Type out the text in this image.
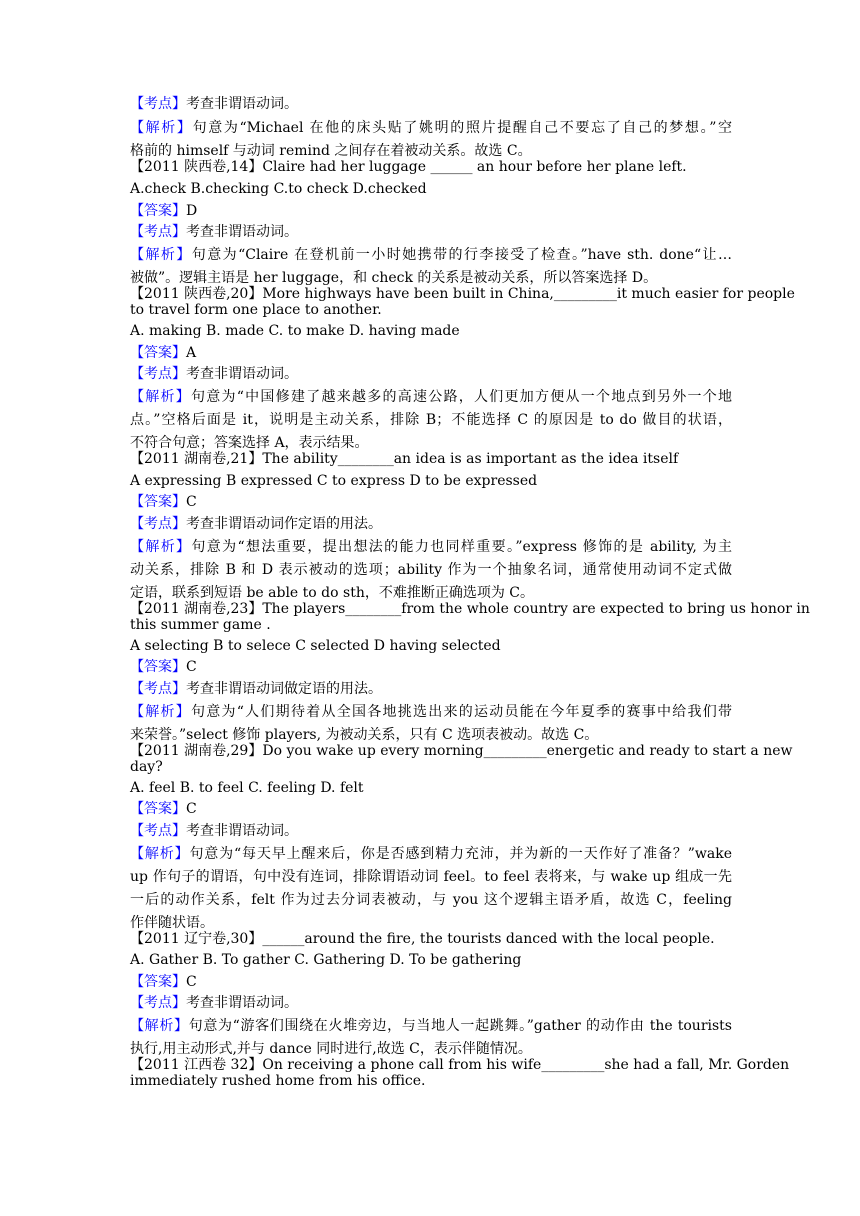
【考点】考查非谓语动词。
【解析】句意为“Michael 在他的床头贴了姚明的照片提醒自己不要忘了自己的梦想。”空
格前的 himself 与动词 remind 之间存在着被动关系。故选 C。
【2011 陕西卷,14】Claire had her luggage ______ an hour before her plane left.
A.check B.checking C.to check D.checked
【答案】D
【考点】考查非谓语动词。
【解析】句意为“Claire 在登机前一小时她携带的行李接受了检查。”have sth. done“让…
被做”。逻辑主语是 her luggage，和 check 的关系是被动关系，所以答案选择 D。
【2011 陕西卷,20】More highways have been built in China,_________it much easier for people
to travel form one place to another.
A. making B. made C. to make D. having made
【答案】A
【考点】考查非谓语动词。
【解析】句意为“中国修建了越来越多的高速公路，人们更加方便从一个地点到另外一个地
点。”空格后面是 it，说明是主动关系，排除 B；不能选择 C 的原因是 to do 做目的状语，
不符合句意；答案选择 A，表示结果。
【2011 湖南卷,21】The ability________an idea is as important as the idea itself
A expressing B expressed C to express D to be expressed
【答案】C
【考点】考查非谓语动词作定语的用法。
【解析】句意为“想法重要，提出想法的能力也同样重要。”express 修饰的是 ability, 为主
动关系，排除 B 和 D 表示被动的选项；ability 作为一个抽象名词，通常使用动词不定式做
定语，联系到短语 be able to do sth，不难推断正确选项为 C。
【2011 湖南卷,23】The players________from the whole country are expected to bring us honor in
this summer game .
A selecting B to selece C selected D having selected
【答案】C
【考点】考查非谓语动词做定语的用法。
【解析】句意为“人们期待着从全国各地挑选出来的运动员能在今年夏季的赛事中给我们带
来荣誉。”select 修饰 players, 为被动关系，只有 C 选项表被动。故选 C。
【2011 湖南卷,29】Do you wake up every morning_________energetic and ready to start a new
day?
A. feel B. to feel C. feeling D. felt
【答案】C
【考点】考查非谓语动词。
【解析】句意为“每天早上醒来后，你是否感到精力充沛，并为新的一天作好了准备？”wake
up 作句子的谓语，句中没有连词，排除谓语动词 feel。to feel 表将来，与 wake up 组成一先
一后的动作关系，felt 作为过去分词表被动，与 you 这个逻辑主语矛盾，故选 C，feeling
作伴随状语。
【2011 辽宁卷,30】______around the fire, the tourists danced with the local people.
A. Gather B. To gather C. Gathering D. To be gathering
【答案】C
【考点】考查非谓语动词。
【解析】句意为“游客们围绕在火堆旁边，与当地人一起跳舞。”gather 的动作由 the tourists
执行,用主动形式,并与 dance 同时进行,故选 C，表示伴随情况。
【2011 江西卷 32】On receiving a phone call from his wife_________she had a fall, Mr. Gorden
immediately rushed home from his office.
